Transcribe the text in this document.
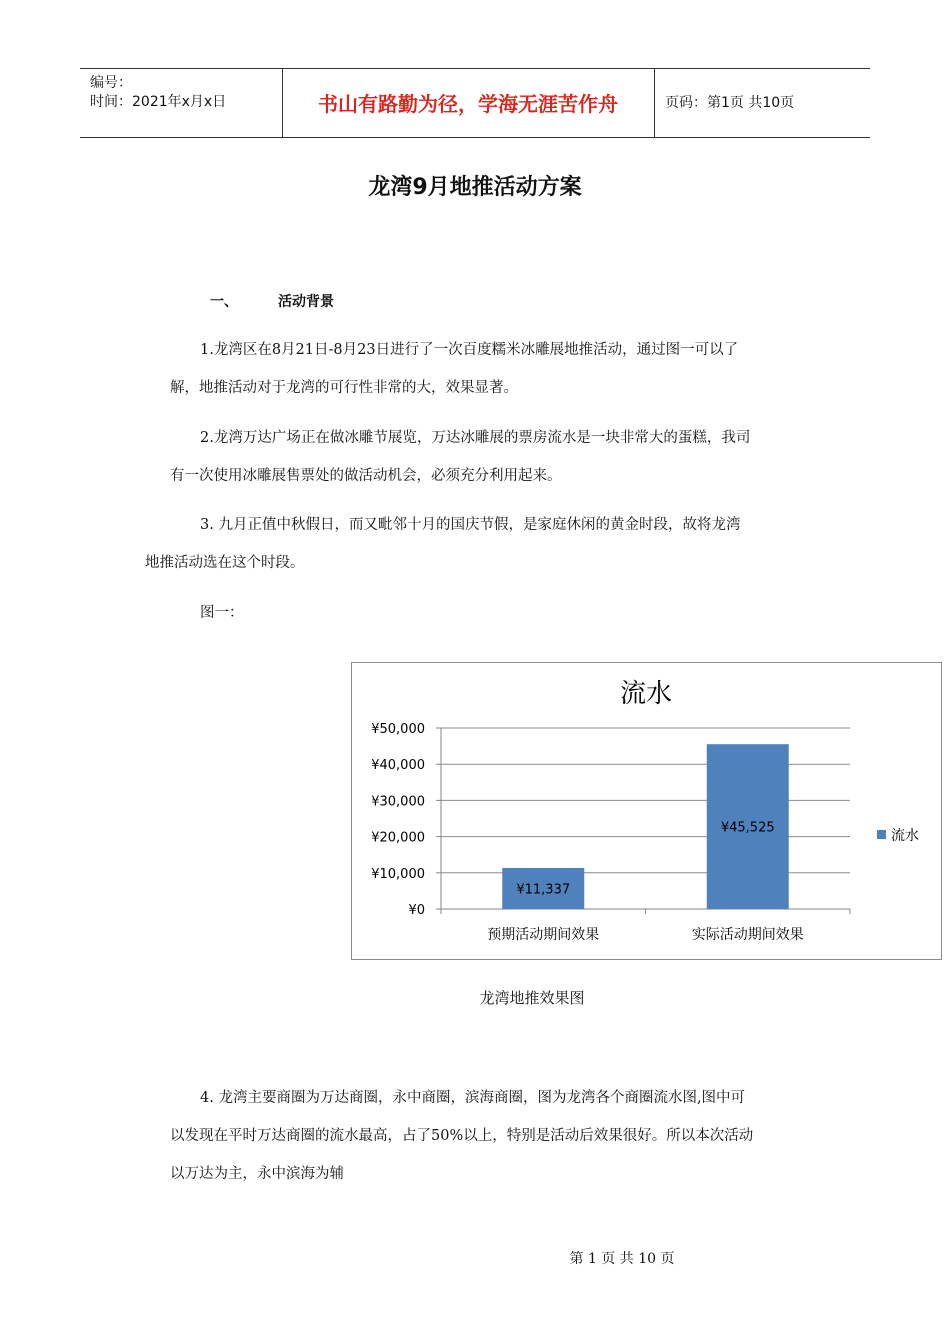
编号：
时间：2021年x月x日	书山有路勤为径，学海无涯苦作舟	页码：第1页 共10页
龙湾9月地推活动方案
一、	活动背景
1.龙湾区在8月21日-8月23日进行了一次百度糯米冰雕展地推活动，通过图一可以了
解，地推活动对于龙湾的可行性非常的大，效果显著。
2.龙湾万达广场正在做冰雕节展览，万达冰雕展的票房流水是一块非常大的蛋糕，我司
有一次使用冰雕展售票处的做活动机会，必须充分利用起来。
3. 九月正值中秋假日，而又毗邻十月的国庆节假，是家庭休闲的黄金时段，故将龙湾
地推活动选在这个时段。
图一：
流水
¥0
¥10,000
¥20,000
¥30,000
¥40,000
¥50,000
¥11,337
预期活动期间效果
¥45,525
实际活动期间效果
流水
龙湾地推效果图
4. 龙湾主要商圈为万达商圈，永中商圈，滨海商圈，图为龙湾各个商圈流水图,图中可
以发现在平时万达商圈的流水最高，占了50%以上，特别是活动后效果很好。所以本次活动
以万达为主，永中滨海为辅
第 1 页 共 10 页
